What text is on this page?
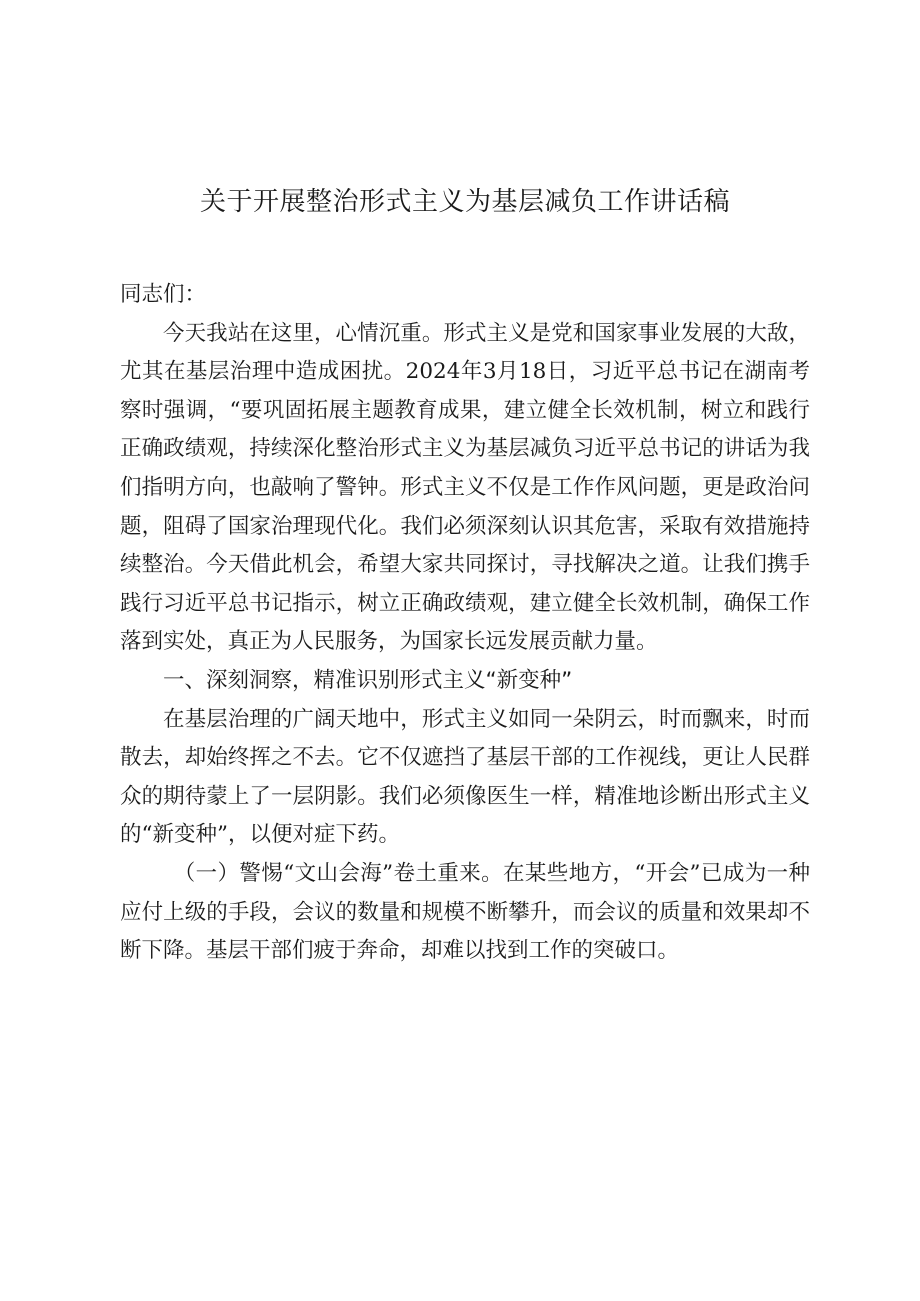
关于开展整治形式主义为基层减负工作讲话稿

同志们：

今天我站在这里，心情沉重。形式主义是党和国家事业发展的大敌，尤其在基层治理中造成困扰。2024年3月18日，习近平总书记在湖南考察时强调，“要巩固拓展主题教育成果，建立健全长效机制，树立和践行正确政绩观，持续深化整治形式主义为基层减负习近平总书记的讲话为我们指明方向，也敲响了警钟。形式主义不仅是工作作风问题，更是政治问题，阻碍了国家治理现代化。我们必须深刻认识其危害，采取有效措施持续整治。今天借此机会，希望大家共同探讨，寻找解决之道。让我们携手践行习近平总书记指示，树立正确政绩观，建立健全长效机制，确保工作落到实处，真正为人民服务，为国家长远发展贡献力量。

一、深刻洞察，精准识别形式主义“新变种”

在基层治理的广阔天地中，形式主义如同一朵阴云，时而飘来，时而散去，却始终挥之不去。它不仅遮挡了基层干部的工作视线，更让人民群众的期待蒙上了一层阴影。我们必须像医生一样，精准地诊断出形式主义的“新变种”，以便对症下药。

（一）警惕“文山会海”卷土重来。在某些地方，“开会”已成为一种应付上级的手段，会议的数量和规模不断攀升，而会议的质量和效果却不断下降。基层干部们疲于奔命，却难以找到工作的突破口。
